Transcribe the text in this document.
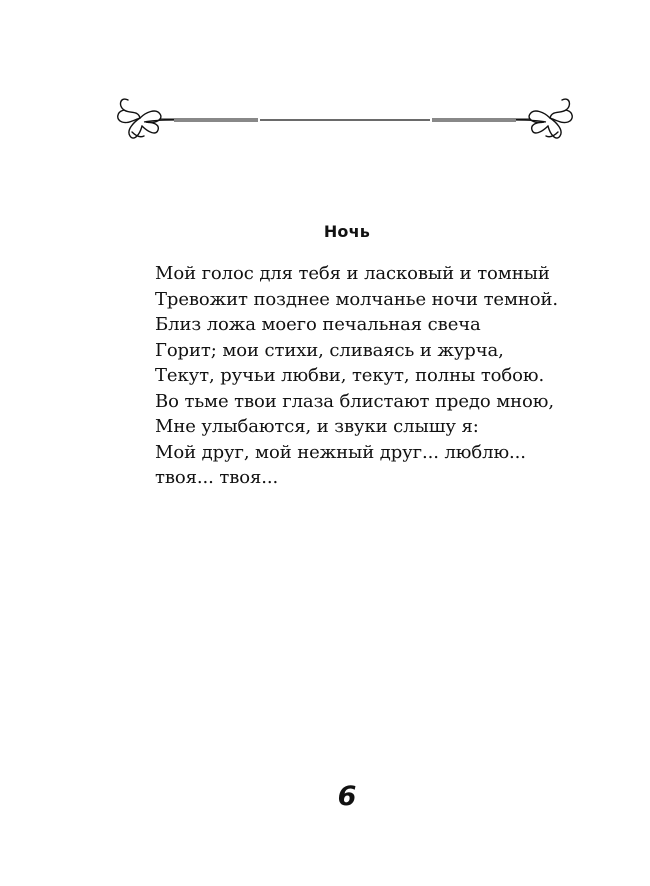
Ночь
Мой голос для тебя и ласковый и томный
Тревожит позднее молчанье ночи темной.
Близ ложа моего печальная свеча
Горит; мои стихи, сливаясь и журча,
Текут, ручьи любви, текут, полны тобою.
Во тьме твои глаза блистают предо мною,
Мне улыбаются, и звуки слышу я:
Мой друг, мой нежный друг... люблю...
твоя... твоя...
6
